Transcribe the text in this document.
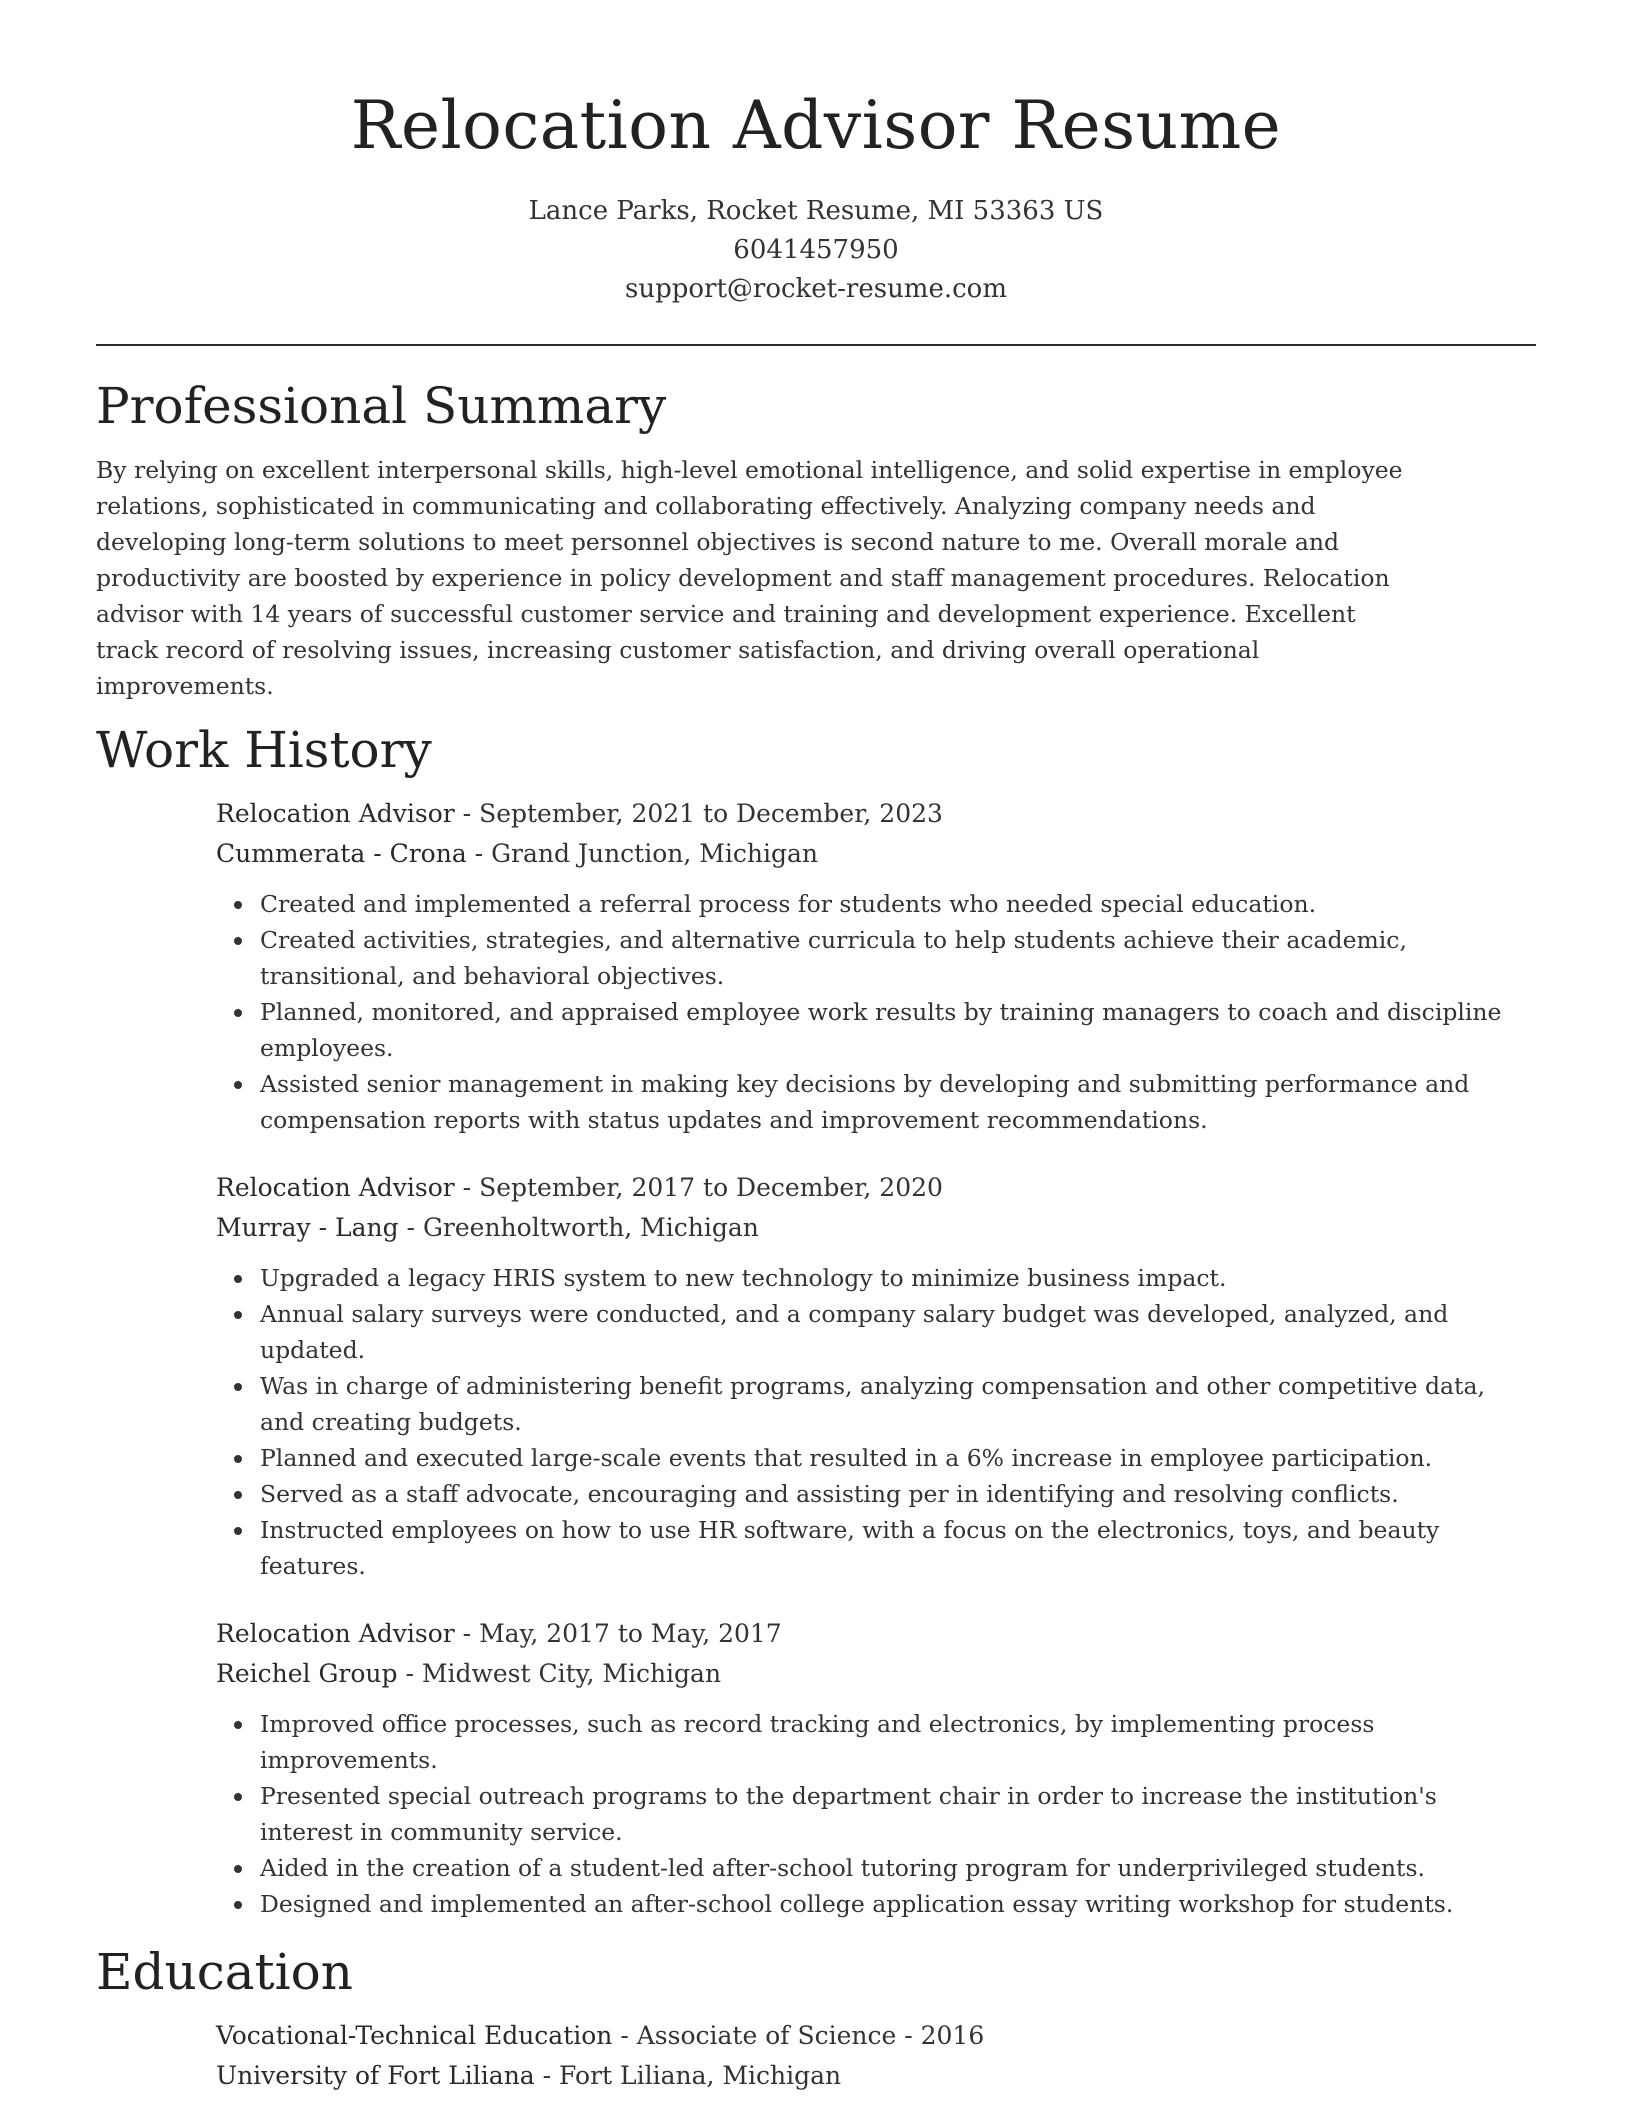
Relocation Advisor Resume
Lance Parks, Rocket Resume, MI 53363 US
6041457950
support@rocket-resume.com
Professional Summary

By relying on excellent interpersonal skills, high-level emotional intelligence, and solid expertise in employee relations, sophisticated in communicating and collaborating effectively. Analyzing company needs and developing long-term solutions to meet personnel objectives is second nature to me. Overall morale and productivity are boosted by experience in policy development and staff management procedures. Relocation advisor with 14 years of successful customer service and training and development experience. Excellent track record of resolving issues, increasing customer satisfaction, and driving overall operational improvements.

Work History
Relocation Advisor - September, 2021 to December, 2023
Cummerata - Crona - Grand Junction, Michigan
Created and implemented a referral process for students who needed special education.
Created activities, strategies, and alternative curricula to help students achieve their academic, transitional, and behavioral objectives.
Planned, monitored, and appraised employee work results by training managers to coach and discipline employees.
Assisted senior management in making key decisions by developing and submitting performance and compensation reports with status updates and improvement recommendations.
Relocation Advisor - September, 2017 to December, 2020
Murray - Lang - Greenholtworth, Michigan
Upgraded a legacy HRIS system to new technology to minimize business impact.
Annual salary surveys were conducted, and a company salary budget was developed, analyzed, and updated.
Was in charge of administering benefit programs, analyzing compensation and other competitive data, and creating budgets.
Planned and executed large-scale events that resulted in a 6% increase in employee participation.
Served as a staff advocate, encouraging and assisting per in identifying and resolving conflicts.
Instructed employees on how to use HR software, with a focus on the electronics, toys, and beauty features.
Relocation Advisor - May, 2017 to May, 2017
Reichel Group - Midwest City, Michigan
Improved office processes, such as record tracking and electronics, by implementing process improvements.
Presented special outreach programs to the department chair in order to increase the institution's interest in community service.
Aided in the creation of a student-led after-school tutoring program for underprivileged students.
Designed and implemented an after-school college application essay writing workshop for students.
Education
Vocational-Technical Education - Associate of Science - 2016
University of Fort Liliana - Fort Liliana, Michigan
